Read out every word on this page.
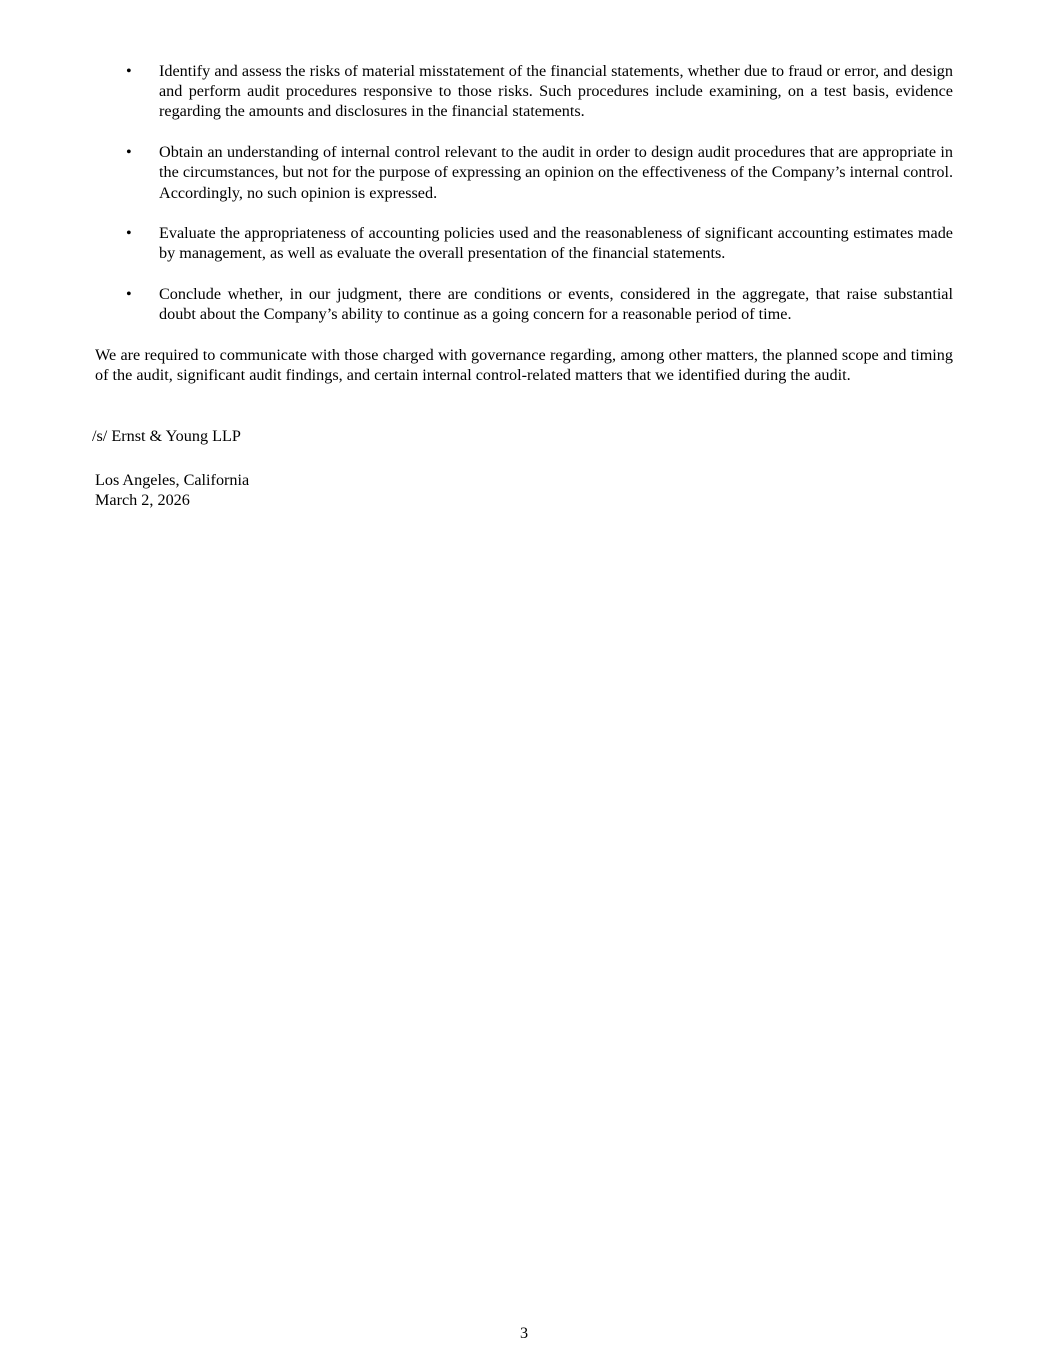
• Identify and assess the risks of material misstatement of the financial statements, whether due to fraud or error, and design and perform audit procedures responsive to those risks. Such procedures include examining, on a test basis, evidence regarding the amounts and disclosures in the financial statements.
• Obtain an understanding of internal control relevant to the audit in order to design audit procedures that are appropriate in the circumstances, but not for the purpose of expressing an opinion on the effectiveness of the Company’s internal control. Accordingly, no such opinion is expressed.
• Evaluate the appropriateness of accounting policies used and the reasonableness of significant accounting estimates made by management, as well as evaluate the overall presentation of the financial statements.
• Conclude whether, in our judgment, there are conditions or events, considered in the aggregate, that raise substantial doubt about the Company’s ability to continue as a going concern for a reasonable period of time.

We are required to communicate with those charged with governance regarding, among other matters, the planned scope and timing of the audit, significant audit findings, and certain internal control-related matters that we identified during the audit.

/s/ Ernst & Young LLP

Los Angeles, California
March 2, 2026

3
